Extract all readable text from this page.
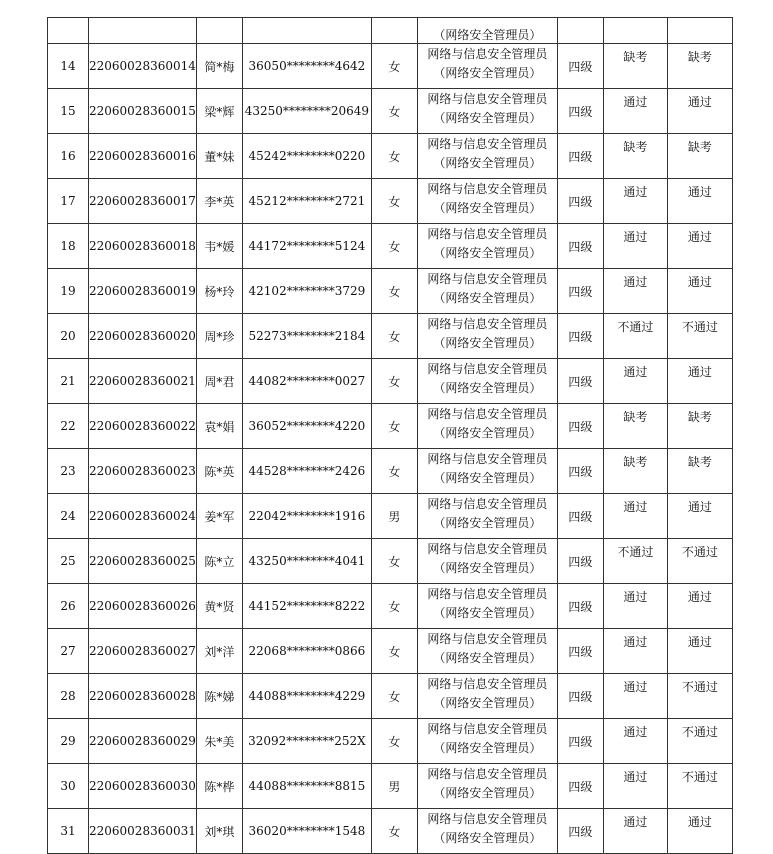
					（网络安全管理员）			
14	22060028360014	简*梅	36050********4642	女	网络与信息安全管理员
（网络安全管理员）	四级	缺考	缺考
15	22060028360015	梁*辉	43250********20649	女	网络与信息安全管理员
（网络安全管理员）	四级	通过	通过
16	22060028360016	董*妹	45242********0220	女	网络与信息安全管理员
（网络安全管理员）	四级	缺考	缺考
17	22060028360017	李*英	45212********2721	女	网络与信息安全管理员
（网络安全管理员）	四级	通过	通过
18	22060028360018	韦*媛	44172********5124	女	网络与信息安全管理员
（网络安全管理员）	四级	通过	通过
19	22060028360019	杨*玲	42102********3729	女	网络与信息安全管理员
（网络安全管理员）	四级	通过	通过
20	22060028360020	周*珍	52273********2184	女	网络与信息安全管理员
（网络安全管理员）	四级	不通过	不通过
21	22060028360021	周*君	44082********0027	女	网络与信息安全管理员
（网络安全管理员）	四级	通过	通过
22	22060028360022	袁*娟	36052********4220	女	网络与信息安全管理员
（网络安全管理员）	四级	缺考	缺考
23	22060028360023	陈*英	44528********2426	女	网络与信息安全管理员
（网络安全管理员）	四级	缺考	缺考
24	22060028360024	姜*军	22042********1916	男	网络与信息安全管理员
（网络安全管理员）	四级	通过	通过
25	22060028360025	陈*立	43250********4041	女	网络与信息安全管理员
（网络安全管理员）	四级	不通过	不通过
26	22060028360026	黄*贤	44152********8222	女	网络与信息安全管理员
（网络安全管理员）	四级	通过	通过
27	22060028360027	刘*洋	22068********0866	女	网络与信息安全管理员
（网络安全管理员）	四级	通过	通过
28	22060028360028	陈*娣	44088********4229	女	网络与信息安全管理员
（网络安全管理员）	四级	通过	不通过
29	22060028360029	朱*美	32092********252X	女	网络与信息安全管理员
（网络安全管理员）	四级	通过	不通过
30	22060028360030	陈*桦	44088********8815	男	网络与信息安全管理员
（网络安全管理员）	四级	通过	不通过
31	22060028360031	刘*琪	36020********1548	女	网络与信息安全管理员
（网络安全管理员）	四级	通过	通过
